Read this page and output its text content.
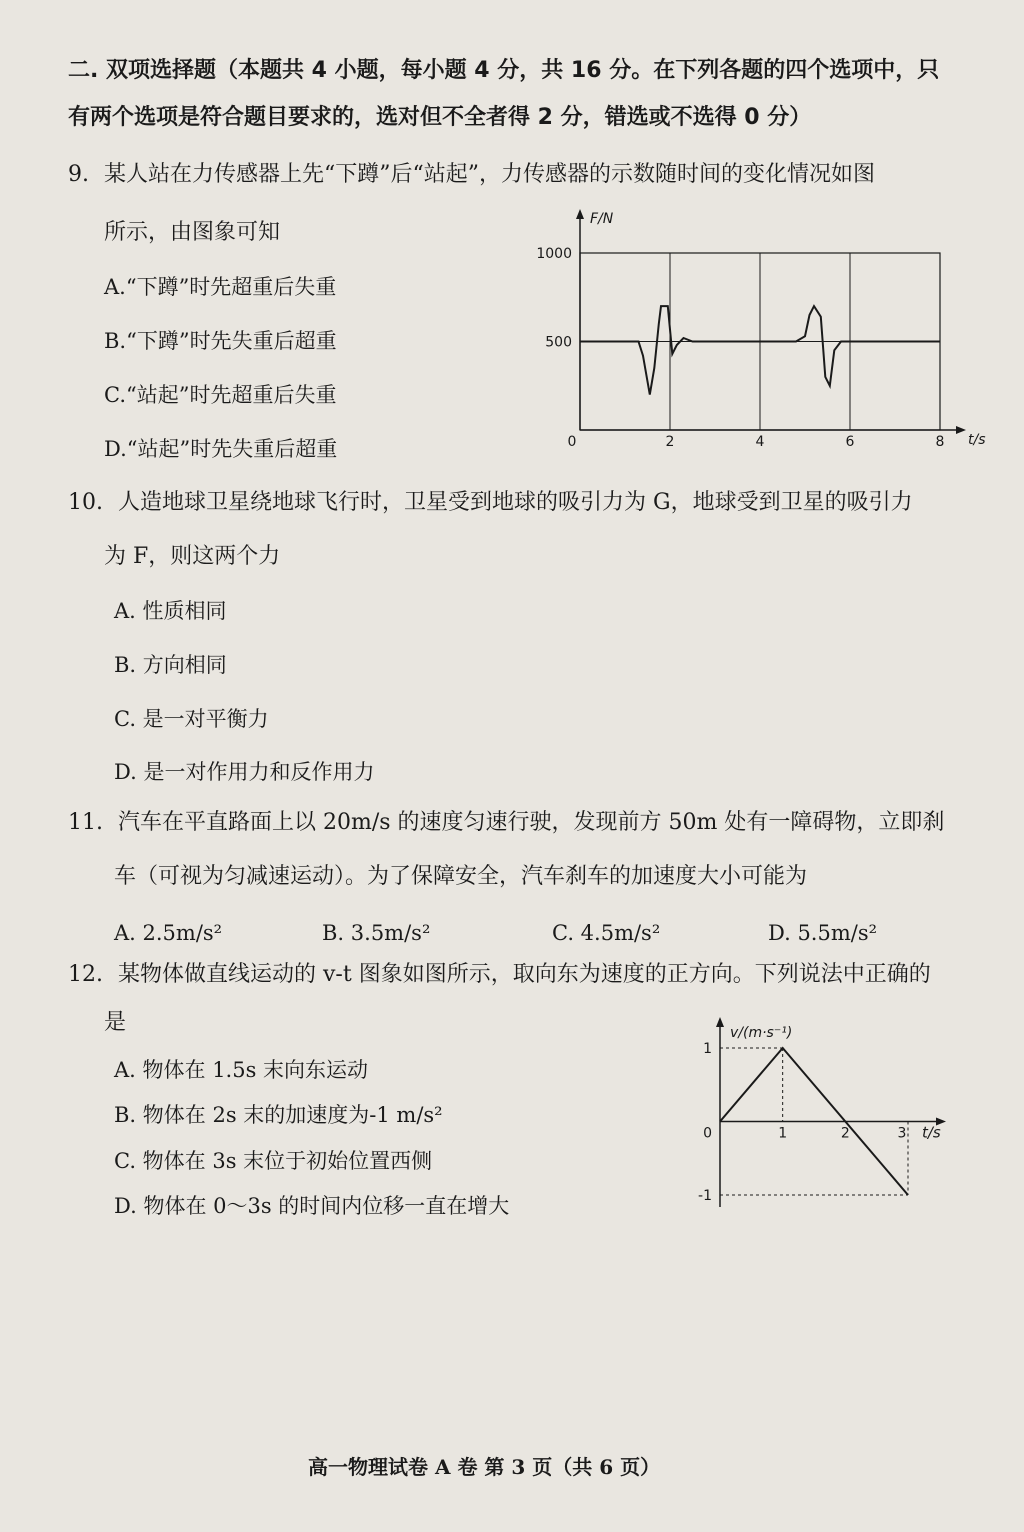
二. 双项选择题（本题共 4 小题，每小题 4 分，共 16 分。在下列各题的四个选项中，只
有两个选项是符合题目要求的，选对但不全者得 2 分，错选或不选得 0 分）
9. 某人站在力传感器上先“下蹲”后“站起”，力传感器的示数随时间的变化情况如图
所示，由图象可知
A.“下蹲”时先超重后失重
B.“下蹲”时先失重后超重
C.“站起”时先超重后失重
D.“站起”时先失重后超重
F/N
t/s
1000
500
0	2	4	6	8
10. 人造地球卫星绕地球飞行时，卫星受到地球的吸引力为 G，地球受到卫星的吸引力
为 F，则这两个力
A. 性质相同
B. 方向相同
C. 是一对平衡力
D. 是一对作用力和反作用力
11. 汽车在平直路面上以 20m/s 的速度匀速行驶，发现前方 50m 处有一障碍物，立即刹
车（可视为匀减速运动）。为了保障安全，汽车刹车的加速度大小可能为
A. 2.5m/s²	B. 3.5m/s²	C. 4.5m/s²	D. 5.5m/s²
12. 某物体做直线运动的 v-t 图象如图所示，取向东为速度的正方向。下列说法中正确的
是
A. 物体在 1.5s 末向东运动
B. 物体在 2s 末的加速度为-1 m/s²
C. 物体在 3s 末位于初始位置西侧
D. 物体在 0～3s 的时间内位移一直在增大
v/(m·s⁻¹)
t/s
1
-1
0	1	2	3
高一物理试卷 A 卷 第 3 页（共 6 页）
